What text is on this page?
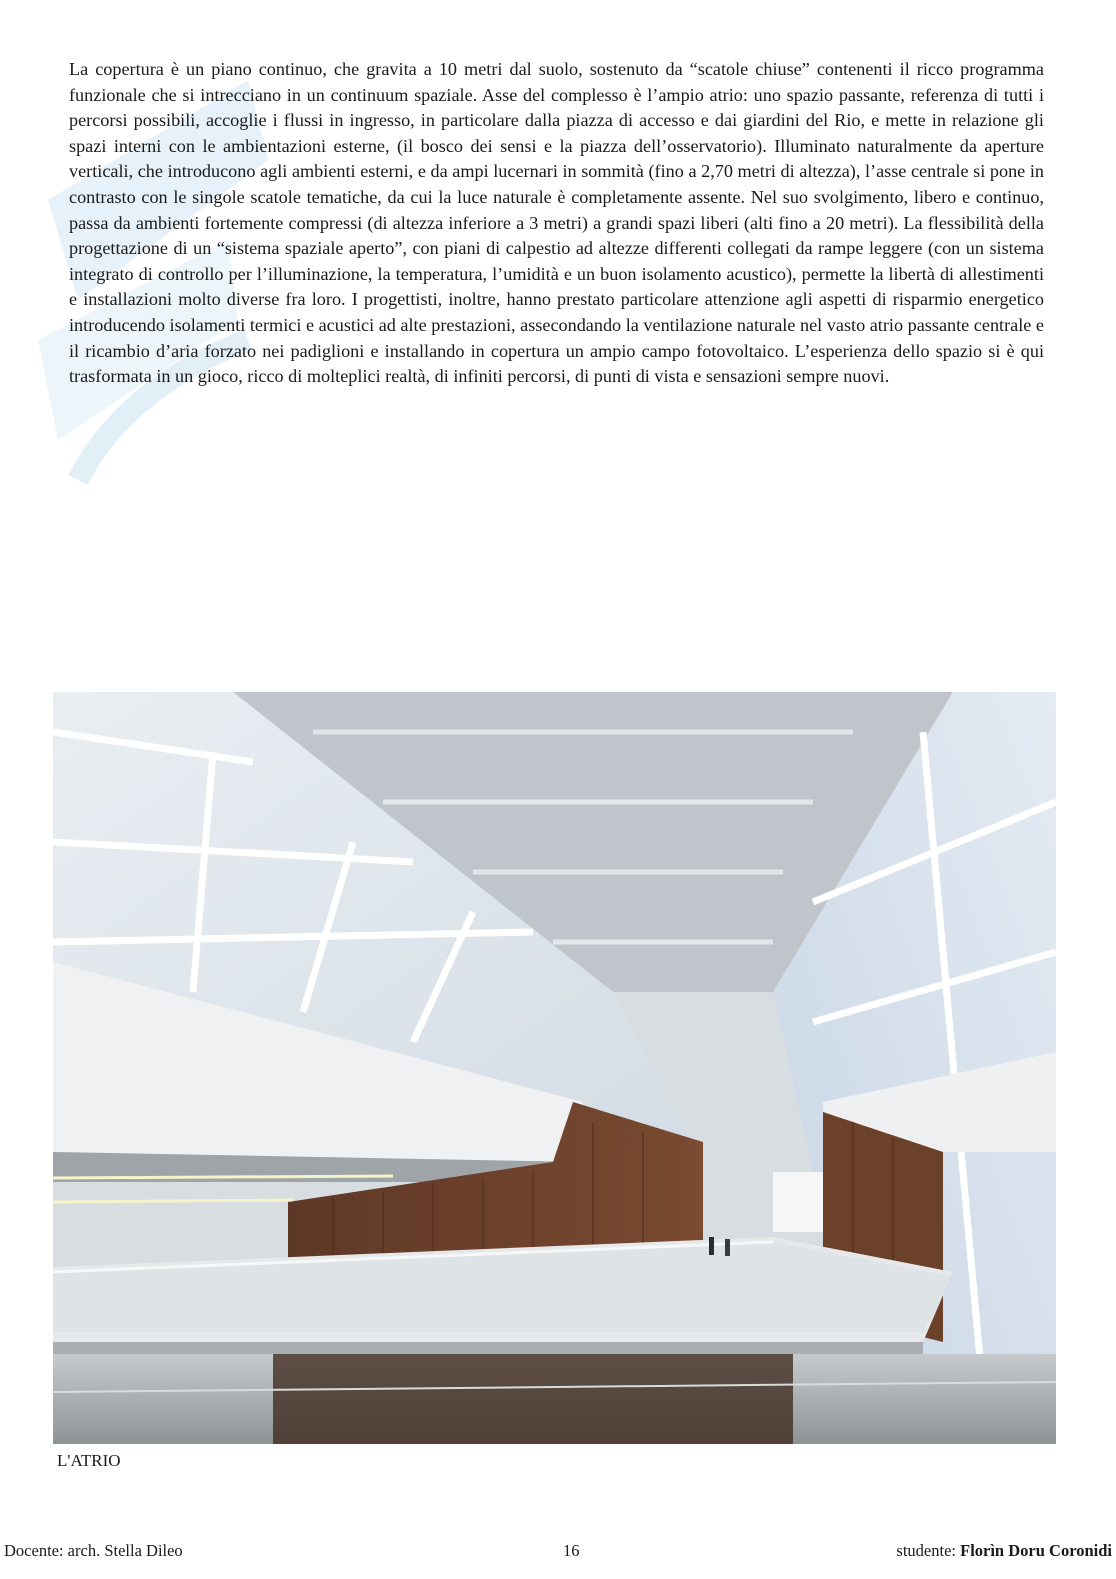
La copertura è un piano continuo, che gravita a 10 metri dal suolo, sostenuto da “scatole chiuse” contenenti il ricco programma funzionale che si intrecciano in un continuum spaziale. Asse del complesso è l’ampio atrio: uno spazio passante, referenza di tutti i percorsi possibili, accoglie i flussi in ingresso, in particolare dalla piazza di accesso e dai giardini del Rio, e mette in relazione gli spazi interni con le ambientazioni esterne, (il bosco dei sensi e la piazza dell’osservatorio). Illuminato naturalmente da aperture verticali, che introducono agli ambienti esterni, e da ampi lucernari in sommità (fino a 2,70 metri di altezza), l’asse centrale si pone in contrasto con le singole scatole tematiche, da cui la luce naturale è completamente assente. Nel suo svolgimento, libero e continuo, passa da ambienti fortemente compressi (di altezza inferiore a 3 metri) a grandi spazi liberi (alti fino a 20 metri). La flessibilità della progettazione di un “sistema spaziale aperto”, con piani di calpestio ad altezze differenti collegati da rampe leggere (con un sistema integrato di controllo per l’illuminazione, la temperatura, l’umidità e un buon isolamento acustico), permette la libertà di allestimenti e installazioni molto diverse fra loro. I progettisti, inoltre, hanno prestato particolare attenzione agli aspetti di risparmio energetico introducendo isolamenti termici e acustici ad alte prestazioni, assecondando la ventilazione naturale nel vasto atrio passante centrale e il ricambio d’aria forzato nei padiglioni e installando in copertura un ampio campo fotovoltaico. L’esperienza dello spazio si è qui trasformata in un gioco, ricco di molteplici realtà, di infiniti percorsi, di punti di vista e sensazioni sempre nuovi.

L'ATRIO

Docente: arch. Stella Dileo	16	studente: Florìn Doru Coronidi
